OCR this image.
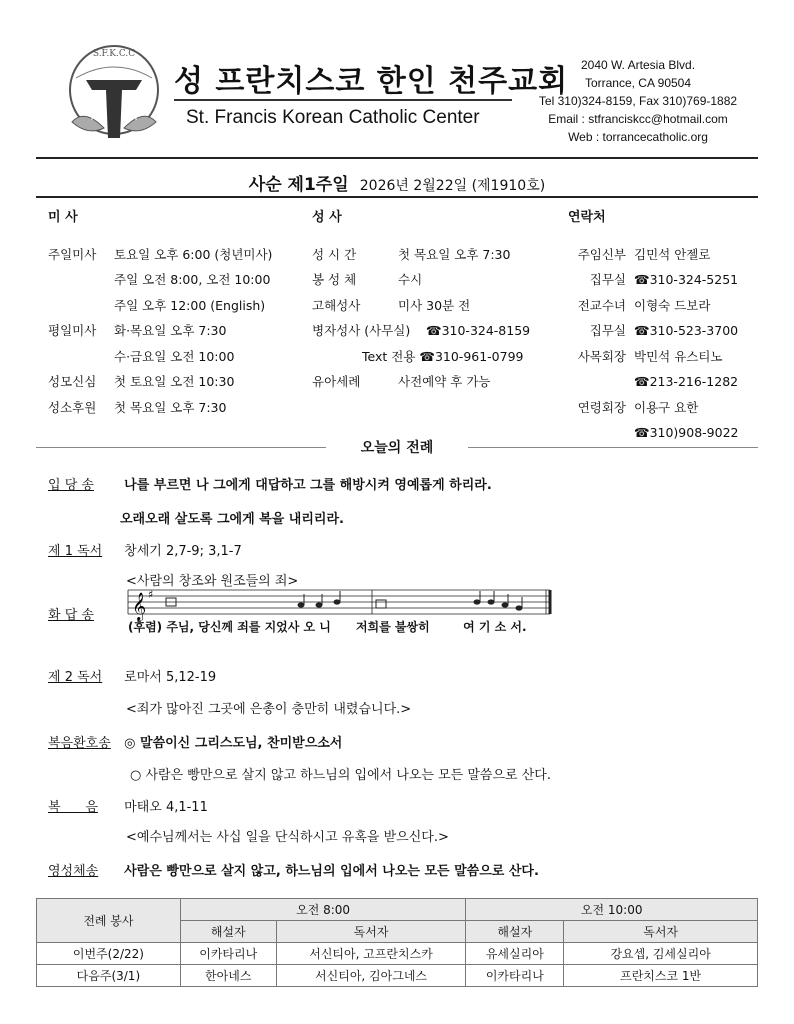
S.F.K.C.C
성 프란치스코 한인 천주교회
St. Francis Korean Catholic Center
2040 W. Artesia Blvd.
Torrance, CA 90504
Tel 310)324-8159, Fax 310)769-1882
Email : stfranciskcc@hotmail.com
Web : torrancecatholic.org
사순 제1주일 2026년 2월22일 (제1910호)
미 사
주일미사	토요일 오후 6:00 (청년미사)
주일 오전 8:00, 오전 10:00
주일 오후 12:00 (English)
평일미사	화·목요일 오후 7:30
수·금요일 오전 10:00
성모신심	첫 토요일 오전 10:30
성소후원	첫 목요일 오후 7:30
성 사
성 시 간	첫 목요일 오후 7:30
봉 성 체	수시
고해성사	미사 30분 전
병자성사 (사무실)	☎310-324-8159
Text 전용 ☎310-961-0799
유아세례	사전예약 후 가능
연락처
주임신부 김민석 안젤로
집무실 ☎310-324-5251
전교수녀 이형숙 드보라
집무실 ☎310-523-3700
사목회장 박민석 유스티노
☎213-216-1282
연령회장 이용구 요한
☎310)908-9022
오늘의 전례
입 당 송 나를 부르면 나 그에게 대답하고 그를 해방시켜 영예롭게 하리라.
오래오래 살도록 그에게 복을 내리리라.
제 1 독서 창세기 2,7-9; 3,1-7
<사람의 창조와 원조들의 죄>
화 답 송	𝄞 ♯
(후렴) 주님, 당신께 죄를 지었사 오 니      저희를 불쌍히        여 기 소 서.
제 2 독서 로마서 5,12-19
<죄가 많아진 그곳에 은총이 충만히 내렸습니다.>
복음환호송 ◎ 말씀이신 그리스도님, 찬미받으소서
○ 사람은 빵만으로 살지 않고 하느님의 입에서 나오는 모든 말씀으로 산다.
복      음 마태오 4,1-11
<예수님께서는 사십 일을 단식하시고 유혹을 받으신다.>
영성체송 사람은 빵만으로 살지 않고, 하느님의 입에서 나오는 모든 말씀으로 산다.
전례 봉사	오전 8:00		오전 10:00	
	해설자	독서자	해설자	독서자
이번주(2/22)	이카타리나	서신티아, 고프란치스카	유세실리아	강요셉, 김세실리아
다음주(3/1)	한아네스	서신티아, 김아그네스	이카타리나	프란치스코 1반
